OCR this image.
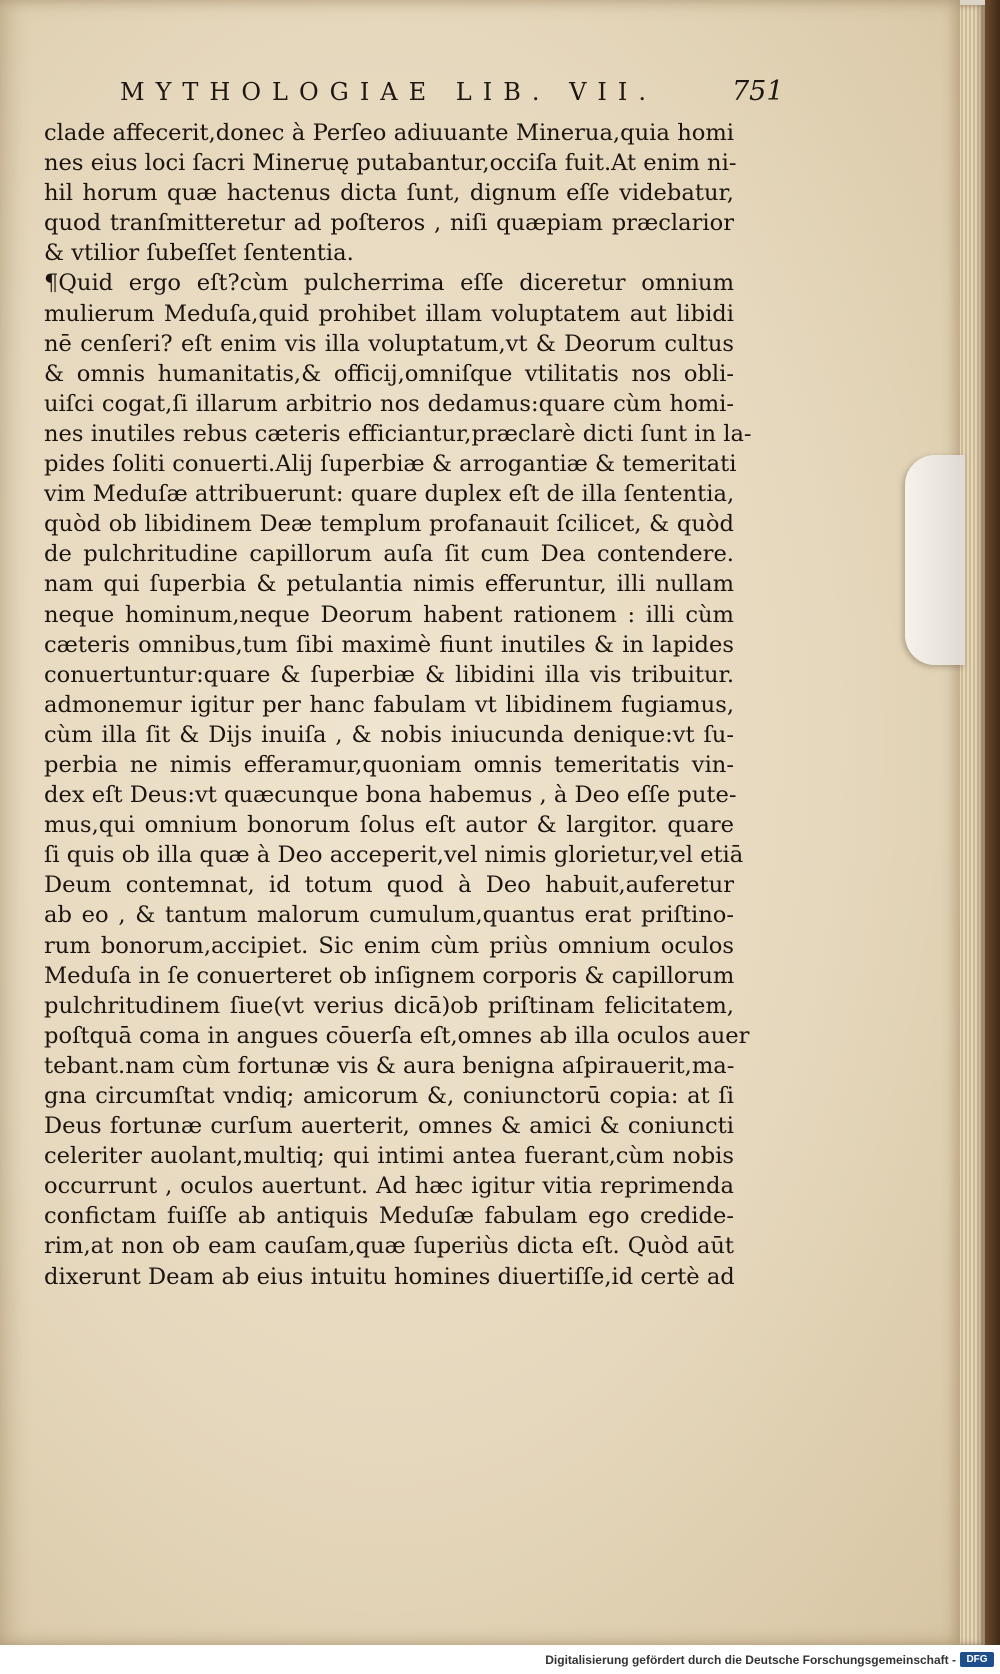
MYTHOLOGIAE LIB. VII.	751
clade affecerit,donec à Perſeo adiuuante Minerua,quia homi
nes eius loci ſacri Mineruę putabantur,occiſa fuit.At enim ni-
hil horum quæ hactenus dicta ſunt, dignum eſſe videbatur,
quod tranſmitteretur ad poſteros , niſi quæpiam præclarior
& vtilior ſubeſſet ſententia.
¶Quid ergo eſt?cùm pulcherrima eſſe diceretur omnium
mulierum Meduſa,quid prohibet illam voluptatem aut libidi
nē cenſeri? eſt enim vis illa voluptatum,vt & Deorum cultus
& omnis humanitatis,& officij,omniſque vtilitatis nos obli-
uiſci cogat,ſi illarum arbitrio nos dedamus:quare cùm homi-
nes inutiles rebus cæteris efficiantur,præclarè dicti ſunt in la-
pides ſoliti conuerti.Alij ſuperbiæ & arrogantiæ & temeritati
vim Meduſæ attribuerunt: quare duplex eſt de illa ſententia,
quòd ob libidinem Deæ templum profanauit ſcilicet, & quòd
de pulchritudine capillorum auſa ſit cum Dea contendere.
nam qui ſuperbia & petulantia nimis efferuntur, illi nullam
neque hominum,neque Deorum habent rationem : illi cùm
cæteris omnibus,tum ſibi maximè fiunt inutiles & in lapides
conuertuntur:quare & ſuperbiæ & libidini illa vis tribuitur.
admonemur igitur per hanc fabulam vt libidinem fugiamus,
cùm illa ſit & Dijs inuiſa , & nobis iniucunda denique:vt ſu-
perbia ne nimis efferamur,quoniam omnis temeritatis vin-
dex eſt Deus:vt quæcunque bona habemus , à Deo eſſe pute-
mus,qui omnium bonorum ſolus eſt autor & largitor. quare
ſi quis ob illa quæ à Deo acceperit,vel nimis glorietur,vel etiā
Deum contemnat, id totum quod à Deo habuit,auferetur
ab eo , & tantum malorum cumulum,quantus erat priſtino-
rum bonorum,accipiet. Sic enim cùm priùs omnium oculos
Meduſa in ſe conuerteret ob inſignem corporis & capillorum
pulchritudinem ſiue(vt verius dicā)ob priſtinam felicitatem,
poſtquā coma in angues cōuerſa eſt,omnes ab illa oculos auer
tebant.nam cùm fortunæ vis & aura benigna aſpirauerit,ma-
gna circumſtat vndiq; amicorum &, coniunctorū copia: at ſi
Deus fortunæ curſum auerterit, omnes & amici & coniuncti
celeriter auolant,multiq; qui intimi antea fuerant,cùm nobis
occurrunt , oculos auertunt. Ad hæc igitur vitia reprimenda
confictam fuiſſe ab antiquis Meduſæ fabulam ego credide-
rim,at non ob eam cauſam,quæ ſuperiùs dicta eſt. Quòd aūt
dixerunt Deam ab eius intuitu homines diuertiſſe,id certè ad
Digitalisierung gefördert durch die Deutsche Forschungsgemeinschaft -	DFG
